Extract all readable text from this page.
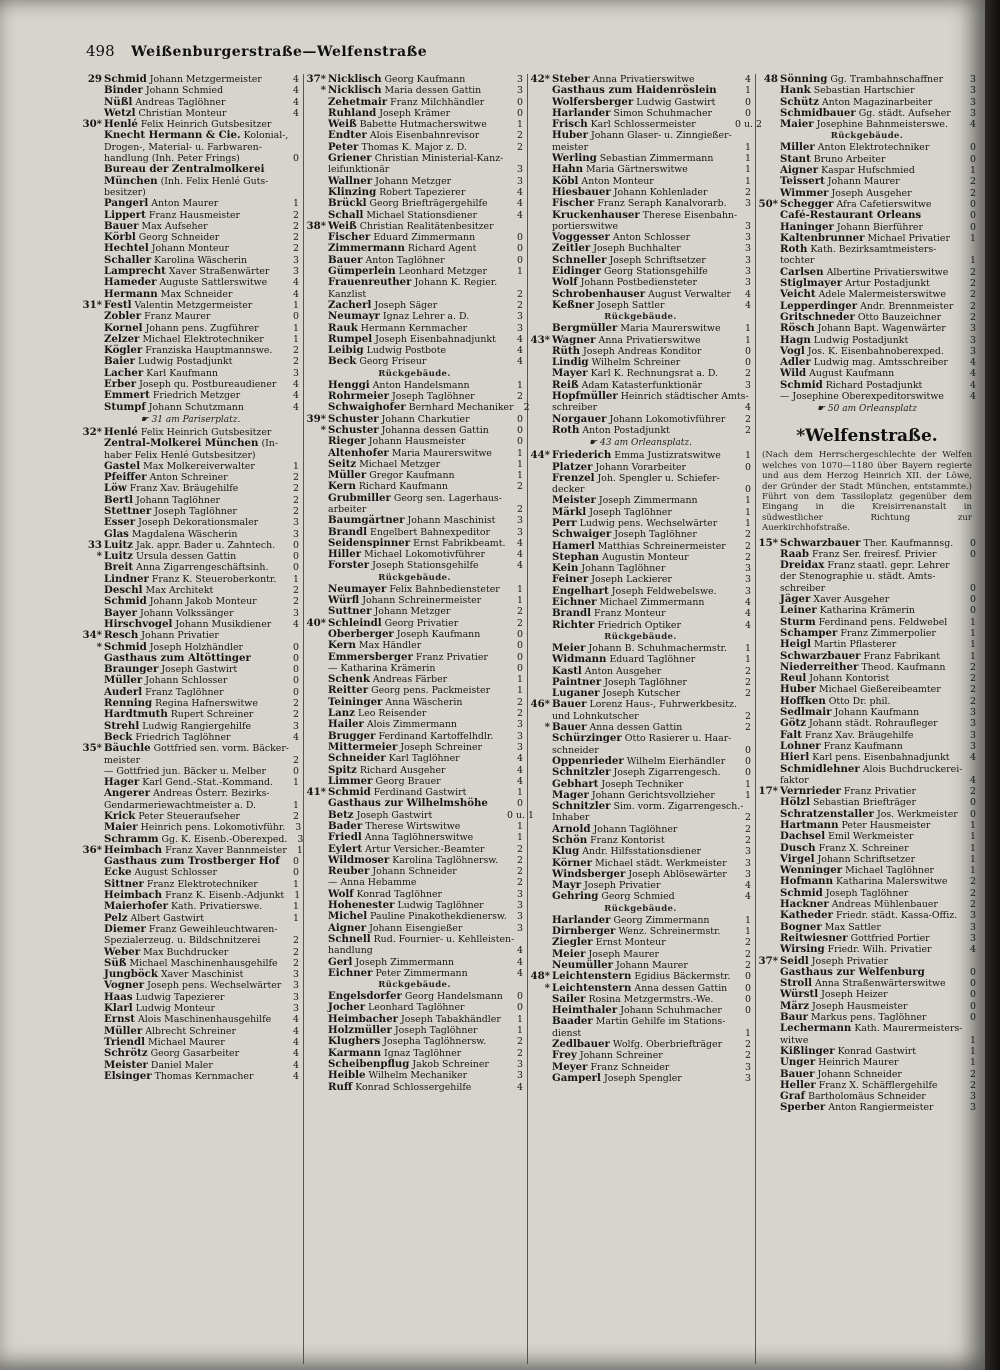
498 Weißenburgerstraße—Welfenstraße
29 Schmid Johann Metzgermeister	4
Binder Johann Schmied	4
Nüßl Andreas Taglöhner	4
Wetzl Christian Monteur	4
30* Henlé Felix Heinrich Gutsbesitzer
Knecht Hermann & Cie. Kolonial-,
Drogen-, Material- u. Farbwaren-
handlung (Inh. Peter Frings)	0
Bureau der Zentralmolkerei
München (Inh. Felix Henlé Guts-
besitzer)
Pangerl Anton Maurer	1
Lippert Franz Hausmeister	2
Bauer Max Aufseher	2
Körbl Georg Schneider	2
Hechtel Johann Monteur	2
Schaller Karolina Wäscherin	3
Lamprecht Xaver Straßenwärter	3
Hameder Auguste Sattlerswitwe	4
Hermann Max Schneider	4
31* Festl Valentin Metzgermeister	1
Zobler Franz Maurer	0
Kornel Johann pens. Zugführer	1
Zelzer Michael Elektrotechniker	1
Kögler Franziska Hauptmannswe.	2
Baier Ludwig Postadjunkt	2
Lacher Karl Kaufmann	3
Erber Joseph qu. Postbureaudiener	4
Emmert Friedrich Metzger	4
Stumpf Johann Schutzmann	4
☛ 31 am Pariserplatz.
32* Henlé Felix Heinrich Gutsbesitzer
Zentral-Molkerei München (In-
haber Felix Henlé Gutsbesitzer)
Gastel Max Molkereiverwalter	1
Pfeiffer Anton Schreiner	2
Löw Franz Xav. Bräugehilfe	2
Bertl Johann Taglöhner	2
Stettner Joseph Taglöhner	2
Esser Joseph Dekorationsmaler	3
Glas Magdalena Wäscherin	3
33 Luitz Jak. appr. Bader u. Zahntech.	0
* Luitz Ursula dessen Gattin	0
Breit Anna Zigarrengeschäftsinh.	0
Lindner Franz K. Steueroberkontr.	1
Deschl Max Architekt	2
Schmid Johann Jakob Monteur	2
Bayer Johann Volkssänger	3
Hirschvogel Johann Musikdiener	4
34* Resch Johann Privatier
* Schmid Joseph Holzhändler	0
Gasthaus zum Altöttinger	0
Braunger Joseph Gastwirt	0
Müller Johann Schlosser	0
Auderl Franz Taglöhner	0
Renning Regina Hafnerswitwe	2
Hardtmuth Rupert Schreiner	2
Strehl Ludwig Rangiergehilfe	3
Beck Friedrich Taglöhner	4
35* Bäuchle Gottfried sen. vorm. Bäcker-
meister	2
— Gottfried jun. Bäcker u. Melber	0
Hager Karl Gend.-Stat.-Kommand.	1
Angerer Andreas Österr. Bezirks-
Gendarmeriewachtmeister a. D.	1
Krick Peter Steueraufseher	2
Maier Heinrich pens. Lokomotivführ.	3
Schramm Gg. K. Eisenb.-Oberexped.	3
36* Heimbach Franz Xaver Bannmeister	1
Gasthaus zum Trostberger Hof	0
Ecke August Schlosser	0
Sittner Franz Elektrotechniker	1
Heimbach Franz K. Eisenb.-Adjunkt	1
Maierhofer Kath. Privatierswe.	1
Pelz Albert Gastwirt	1
Diemer Franz Geweihleuchtwaren-
Spezialerzeug. u. Bildschnitzerei	2
Weber Max Buchdrucker	2
Süß Michael Maschinenhausgehilfe	2
Jungböck Xaver Maschinist	3
Vogner Joseph pens. Wechselwärter	3
Haas Ludwig Tapezierer	3
Klarl Ludwig Monteur	3
Ernst Alois Maschinenhausgehilfe	4
Müller Albrecht Schreiner	4
Triendl Michael Maurer	4
Schrötz Georg Gasarbeiter	4
Meister Daniel Maler	4
Elsinger Thomas Kernmacher	4
37* Nicklisch Georg Kaufmann	3
* Nicklisch Maria dessen Gattin	3
Zehetmair Franz Milchhändler	0
Ruhland Joseph Krämer	0
Weiß Babette Hutmacherswitwe	1
Endter Alois Eisenbahnrevisor	2
Peter Thomas K. Major z. D.	2
Griener Christian Ministerial-Kanz-
leifunktionär	3
Wallner Johann Metzger	3
Klinzing Robert Tapezierer	4
Brückl Georg Briefträgergehilfe	4
Schall Michael Stationsdiener	4
38* Weiß Christian Realitätenbesitzer
Fischer Eduard Zimmermann	0
Zimmermann Richard Agent	0
Bauer Anton Taglöhner	0
Gümperlein Leonhard Metzger	1
Frauenreuther Johann K. Regier.
Kanzlist	2
Zacherl Joseph Säger	2
Neumayr Ignaz Lehrer a. D.	3
Rauk Hermann Kernmacher	3
Rumpel Joseph Eisenbahnadjunkt	4
Leibig Ludwig Postbote	4
Beck Georg Friseur	4
Rückgebäude.
Henggi Anton Handelsmann	1
Rohrmeier Joseph Taglöhner	2
Schwaighofer Bernhard Mechaniker	2
39* Schuster Johann Charkutier	0
* Schuster Johanna dessen Gattin	0
Rieger Johann Hausmeister	0
Altenhofer Maria Maurerswitwe	1
Seitz Michael Metzger	1
Müller Gregor Kaufmann	1
Kern Richard Kaufmann	2
Grubmiller Georg sen. Lagerhaus-
arbeiter	2
Baumgärtner Johann Maschinist	3
Brandl Engelbert Bahnexpeditor	3
Seidenspinner Ernst Fabrikbeamt.	4
Hiller Michael Lokomotivführer	4
Forster Joseph Stationsgehilfe	4
Rückgebäude.
Neumayer Felix Bahnbediensteter	1
Würfl Johann Schreinermeister	1
Suttner Johann Metzger	2
40* Schleindl Georg Privatier	2
Oberberger Joseph Kaufmann	0
Kern Max Händler	0
Emmersberger Franz Privatier	0
— Katharina Krämerin	0
Schenk Andreas Färber	1
Reitter Georg pens. Packmeister	1
Teininger Anna Wäscherin	2
Lanz Leo Reisender	2
Hailer Alois Zimmermann	3
Brugger Ferdinand Kartoffelhdlr.	3
Mittermeier Joseph Schreiner	3
Schneider Karl Taglöhner	4
Spitz Richard Ausgeher	4
Limmer Georg Brauer	4
41* Schmid Ferdinand Gastwirt	1
Gasthaus zur Wilhelmshöhe	0
Betz Joseph Gastwirt	0 u. 1
Bader Therese Wirtswitwe	1
Friedl Anna Taglöhnerswitwe	1
Eylert Artur Versicher.-Beamter	2
Wildmoser Karolina Taglöhnersw.	2
Reuber Johann Schneider	2
— Anna Hebamme	2
Wolf Konrad Taglöhner	3
Hohenester Ludwig Taglöhner	3
Michel Pauline Pinakothekdienersw.	3
Aigner Johann Eisengießer	3
Schnell Rud. Fournier- u. Kehlleisten-
handlung	4
Gerl Joseph Zimmermann	4
Eichner Peter Zimmermann	4
Rückgebäude.
Engelsdorfer Georg Handelsmann	0
Jocher Leonhard Taglöhner	0
Heimbacher Joseph Tabakhändler	1
Holzmüller Joseph Taglöhner	1
Klughers Josepha Taglöhnersw.	2
Karmann Ignaz Taglöhner	2
Scheibenpflug Jakob Schreiner	3
Heible Wilhelm Mechaniker	3
Ruff Konrad Schlossergehilfe	4
42* Steber Anna Privatierswitwe	4
Gasthaus zum Haidenröslein	1
Wolfersberger Ludwig Gastwirt	0
Harlander Simon Schuhmacher	0
Frisch Karl Schlossermeister	0 u. 2
Huber Johann Glaser- u. Zinngießer-
meister	1
Werling Sebastian Zimmermann	1
Hahn Maria Gärtnerswitwe	1
Köbl Anton Monteur	1
Hiesbauer Johann Kohlenlader	2
Fischer Franz Seraph Kanalvorarb.	3
Kruckenhauser Therese Eisenbahn-
portierswitwe	3
Voggesser Anton Schlosser	3
Zeitler Joseph Buchhalter	3
Schneller Joseph Schriftsetzer	3
Eidinger Georg Stationsgehilfe	3
Wolf Johann Postbediensteter	3
Schrobenhauser August Verwalter	4
Keßner Joseph Sattler	4
Rückgebäude.
Bergmüller Maria Maurerswitwe	1
43* Wagner Anna Privatierswitwe	1
Rüth Joseph Andreas Konditor	0
Lindig Wilhelm Schreiner	0
Mayer Karl K. Rechnungsrat a. D.	2
Reiß Adam Katasterfunktionär	3
Hopfmüller Heinrich städtischer Amts-
schreiber	4
Norgauer Johann Lokomotivführer	2
Roth Anton Postadjunkt	2
☛ 43 am Orleansplatz.
44* Friederich Emma Justizratswitwe	1
Platzer Johann Vorarbeiter	0
Frenzel Joh. Spengler u. Schiefer-
decker	0
Meister Joseph Zimmermann	1
Märkl Joseph Taglöhner	1
Perr Ludwig pens. Wechselwärter	1
Schwaiger Joseph Taglöhner	2
Hamerl Matthias Schreinermeister	2
Stephan Augustin Monteur	2
Kein Johann Taglöhner	3
Feiner Joseph Lackierer	3
Engelhart Joseph Feldwebelswe.	3
Eichner Michael Zimmermann	4
Brandl Franz Monteur	4
Richter Friedrich Optiker	4
Rückgebäude.
Meier Johann B. Schuhmachermstr.	1
Widmann Eduard Taglöhner	1
Kastl Anton Ausgeher	2
Paintner Joseph Taglöhner	2
Luganer Joseph Kutscher	2
46* Bauer Lorenz Haus-, Fuhrwerkbesitz.
und Lohnkutscher	2
* Bauer Anna dessen Gattin	2
Schürzinger Otto Rasierer u. Haar-
schneider	0
Oppenrieder Wilhelm Eierhändler	0
Schnitzler Joseph Zigarrengesch.	0
Gebhart Joseph Techniker	1
Mager Johann Gerichtsvollzieher	1
Schnitzler Sim. vorm. Zigarrengesch.-
Inhaber	2
Arnold Johann Taglöhner	2
Schön Franz Kontorist	2
Klug Andr. Hilfsstationsdiener	3
Körner Michael städt. Werkmeister	3
Windsberger Joseph Ablösewärter	3
Mayr Joseph Privatier	4
Gehring Georg Schmied	4
Rückgebäude.
Harlander Georg Zimmermann	1
Dirnberger Wenz. Schreinermstr.	1
Ziegler Ernst Monteur	2
Meier Joseph Maurer	2
Neumüller Johann Maurer	2
48* Leichtenstern Egidius Bäckermstr.	0
* Leichtenstern Anna dessen Gattin	0
Sailer Rosina Metzgermstrs.-We.	0
Heimthaler Johann Schuhmacher	0
Baader Martin Gehilfe im Stations-
dienst	1
Zedlbauer Wolfg. Oberbriefträger	2
Frey Johann Schreiner	2
Meyer Franz Schneider	3
Gamperl Joseph Spengler	3
48 Sönning Gg. Trambahnschaffner	3
Hank Sebastian Hartschier	3
Schütz Anton Magazinarbeiter	3
Schmidbauer Gg. städt. Aufseher	3
Maier Josephine Bahnmeisterswe.	4
Rückgebäude.
Miller Anton Elektrotechniker	0
Stant Bruno Arbeiter	0
Aigner Kaspar Hufschmied	1
Teissert Johann Maurer	2
Wimmer Joseph Ausgeher	2
50* Schegger Afra Cafetierswitwe	0
Café-Restaurant Orleans	0
Haninger Johann Bierführer	0
Kaltenbrunner Michael Privatier	1
Roth Kath. Bezirksamtmeisters-
tochter	1
Carlsen Albertine Privatierswitwe	2
Stiglmayer Artur Postadjunkt	2
Veicht Adele Malermeisterswitwe	2
Lepperdinger Andr. Brennmeister	2
Gritschneder Otto Bauzeichner	2
Rösch Johann Bapt. Wagenwärter	3
Hagn Ludwig Postadjunkt	3
Vogl Jos. K. Eisenbahnoberexped.	3
Adler Ludwig mag. Amtsschreiber	4
Wild August Kaufmann	4
Schmid Richard Postadjunkt	4
— Josephine Oberexpeditorswitwe	4
☛ 50 am Orleansplatz
*Welfenstraße.
(Nach dem Herrschergeschlechte der Welfen welches von 1070—1180 über Bayern regierte und aus dem Herzog Heinrich XII. der Löwe, der Gründer der Stadt München, entstammte.) Führt von dem Tassiloplatz gegenüber dem Eingang in die Kreisirrenanstalt in südwestlicher Richtung zur Auerkirchhofstraße.
15* Schwarzbauer Ther. Kaufmannsg.	0
Raab Franz Ser. freiresf. Privier	0
Dreidax Franz staatl. gepr. Lehrer
der Stenographie u. städt. Amts-
schreiber	0
Jäger Xaver Ausgeher	0
Leiner Katharina Krämerin	0
Sturm Ferdinand pens. Feldwebel	1
Schamper Franz Zimmerpolier	1
Heigl Martin Pflasterer	1
Schwarzbauer Franz Fabrikant	1
Niederreither Theod. Kaufmann	2
Reul Johann Kontorist	2
Huber Michael Gießereibeamter	2
Hoffken Otto Dr. phil.	2
Sedlmair Johann Kaufmann	3
Götz Johann städt. Rohraufleger	3
Falt Franz Xav. Bräugehilfe	3
Lohner Franz Kaufmann	3
Hierl Karl pens. Eisenbahnadjunkt	4
Schmidlehner Alois Buchdruckerei-
faktor	4
17* Vernrieder Franz Privatier	2
Hölzl Sebastian Briefträger	0
Schratzenstaller Jos. Werkmeister	0
Hartmann Peter Hausmeister	1
Dachsel Emil Werkmeister	1
Dusch Franz X. Schreiner	1
Virgel Johann Schriftsetzer	1
Wenninger Michael Taglöhner	1
Hofmann Katharina Malerswitwe	2
Schmid Joseph Taglöhner	2
Hackner Andreas Mühlenbauer	2
Katheder Friedr. städt. Kassa-Offiz.	3
Bogner Max Sattler	3
Reitwiesner Gottfried Portier	3
Wirsing Friedr. Wilh. Privatier	4
37* Seidl Joseph Privatier
Gasthaus zur Welfenburg	0
Stroll Anna Straßenwärterswitwe	0
Würstl Joseph Heizer	0
März Joseph Hausmeister	0
Baur Markus pens. Taglöhner	0
Lechermann Kath. Maurermeisters-
witwe	1
Kißlinger Konrad Gastwirt	1
Unger Heinrich Maurer	1
Bauer Johann Schneider	2
Heller Franz X. Schäfflergehilfe	2
Graf Bartholomäus Schneider	3
Sperber Anton Rangiermeister	3
